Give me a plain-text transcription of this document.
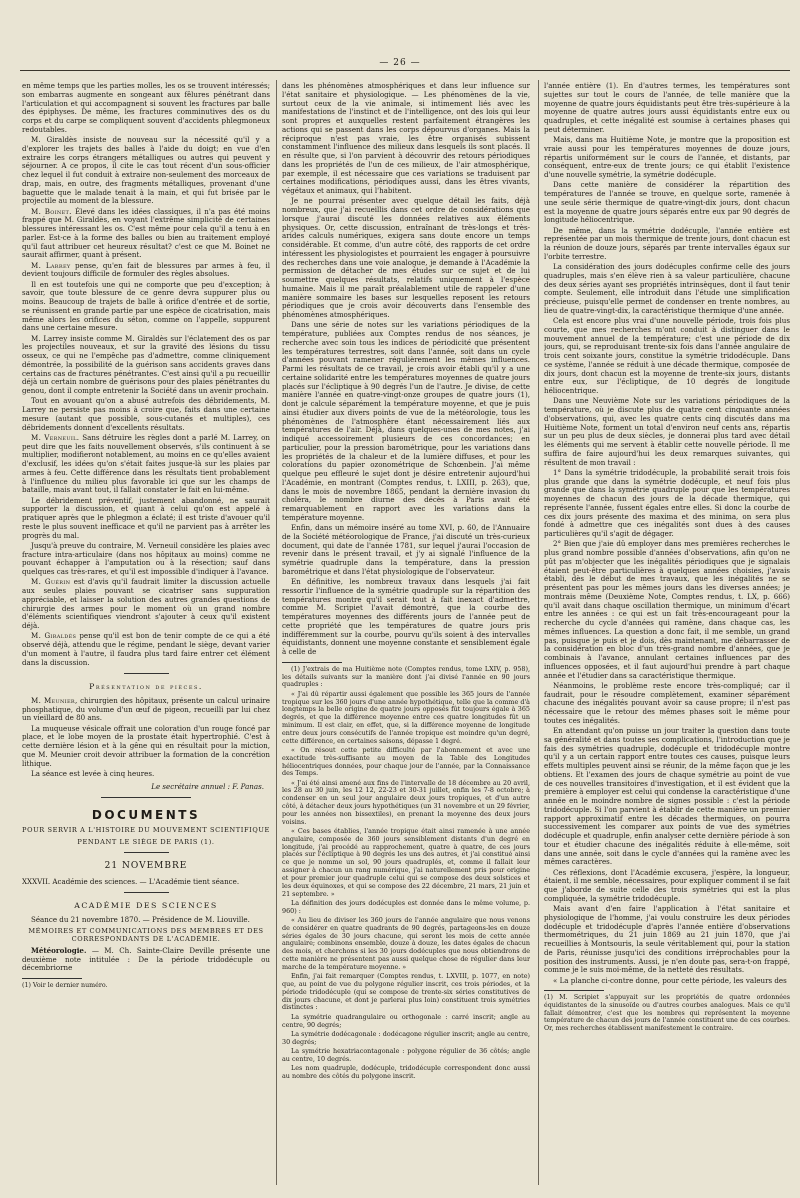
— 26 —

en même temps que les parties molles, les os se trouvent intéressés; son embarras augmente en songeant aux fêlures pénétrant dans l'articulation et qui accompagnent si souvent les fractures par balle des épiphyses. De même, les fractures comminutives des os du corps et du carpe se compliquent souvent d'accidents phlegmoneux redoutables.

M. Giraldès insiste de nouveau sur la nécessité qu'il y a d'explorer les trajets des balles à l'aide du doigt; en vue d'en extraire les corps étrangers métalliques ou autres qui peuvent y séjourner. A ce propos, il cite le cas tout récent d'un sous-officier chez lequel il fut conduit à extraire non-seulement des morceaux de drap, mais, en outre, des fragments métalliques, provenant d'une baguette que le malade tenait à la main, et qui fut brisée par le projectile au moment de la blessure.

M. Boinet. Élevé dans les idées classiques, il n'a pas été moins frappé que M. Giraldès, en voyant l'extrême simplicité de certaines blessures intéressant les os. C'est même pour cela qu'il a tenu à en parler. Est-ce à la forme des balles ou bien au traitement employé qu'il faut attribuer cet heureux résultat? c'est ce que M. Boinet ne saurait affirmer, quant à présent.

M. Larrey pense, qu'en fait de blessures par armes à feu, il devient toujours difficile de formuler des règles absolues.

Il en est toutefois une qui ne comporte que peu d'exception; à savoir, que toute blessure de ce genre devra suppurer plus ou moins. Beaucoup de trajets de balle à orifice d'entrée et de sortie, se réunissent en grande partie par une espèce de cicatrisation, mais même alors les orifices du séton, comme on l'appelle, suppurent dans une certaine mesure.

M. Larrey insiste comme M. Giraldès sur l'éclatement des os par les projectiles nouveaux, et sur la gravité des lésions du tissu osseux, ce qui ne l'empêche pas d'admettre, comme cliniquement démontrée, la possibilité de la guérison sans accidents graves dans certains cas de fractures pénétrantes. C'est ainsi qu'il a pu recueillir déjà un certain nombre de guérisons pour des plaies pénétrantes du genou, dont il compte entretenir la Société dans un avenir prochain.

Tout en avouant qu'on a abusé autrefois des débridements, M. Larrey ne persiste pas moins à croire que, faits dans une certaine mesure (autant que possible, sous-cutanés et multiples), ces débridements donnent d'excellents résultats.

M. Verneuil. Sans détruire les règles dont a parlé M. Larrey, on peut dire que les faits nouvellement observés, s'ils continuent à se multiplier, modifieront notablement, au moins en ce qu'elles avaient d'exclusif, les idées qu'on s'était faites jusque-là sur les plaies par armes à feu. Cette différence dans les résultats tient probablement à l'influence du milieu plus favorable ici que sur les champs de bataille, mais avant tout, il fallait constater le fait en lui-même.

Le débridement préventif, justement abandonné, ne saurait supporter la discussion, et quant à celui qu'on est appelé à pratiquer après que le phlegmon a éclaté; il est triste d'avouer qu'il reste le plus souvent inefficace et qu'il ne parvient pas à arrêter les progrès du mal.

Jusqu'à preuve du contraire, M. Verneuil considère les plaies avec fracture intra-articulaire (dans nos hôpitaux au moins) comme ne pouvant échapper à l'amputation ou à la résection; sauf dans quelques cas très-rares, et qu'il est impossible d'indiquer à l'avance.

M. Guérin est d'avis qu'il faudrait limiter la discussion actuelle aux seules plaies pouvant se cicatriser sans suppuration appréciable, et laisser la solution des autres grandes questions de chirurgie des armes pour le moment où un grand nombre d'éléments scientifiques viendront s'ajouter à ceux qu'il existent déjà.

M. Giraldès pense qu'il est bon de tenir compte de ce qui a été observé déjà, attendu que le régime, pendant le siège, devant varier d'un moment à l'autre, il faudra plus tard faire entrer cet élément dans la discussion.

Présentation de pièces.

M. Meunier, chirurgien des hôpitaux, présente un calcul urinaire phosphatique, du volume d'un œuf de pigeon, recueilli par lui chez un vieillard de 80 ans.

La muqueuse vésicale offrait une coloration d'un rouge foncé par place, et le lobe moyen de la prostate était hypertrophié. C'est à cette dernière lésion et à la gêne qui en résultait pour la miction, que M. Meunier croit devoir attribuer la formation de la concrétion lithique.

La séance est levée à cinq heures.

Le secrétaire annuel : F. Panas.

DOCUMENTS
POUR SERVIR A L'HISTOIRE DU MOUVEMENT SCIENTIFIQUE
PENDANT LE SIÈGE DE PARIS (1).
21 NOVEMBRE

XXXVII. Académie des sciences. — L'Académie tient séance.

ACADÉMIE DES SCIENCES

Séance du 21 novembre 1870. — Présidence de M. Liouville.

MÉMOIRES ET COMMUNICATIONS DES MEMBRES ET DES CORRESPONDANTS DE L'ACADÉMIE.

Météorologie. — M. Ch. Sainte-Claire Deville présente une deuxième note intitulée : De la période tridodécuple ou décembriorne

(1) Voir le dernier numéro.

dans les phénomènes atmosphériques et dans leur influence sur l'état sanitaire et physiologique. — Les phénomènes de la vie, surtout ceux de la vie animale, si intimement liés avec les manifestations de l'instinct et de l'intelligence, ont des lois qui leur sont propres et auxquelles restent parfaitement étrangères les actions qui se passent dans les corps dépourvus d'organes. Mais la réciproque n'est pas vraie, les être organisés subissent constamment l'influence des milieux dans lesquels ils sont placés. Il en résulte que, si l'on parvient à découvrir des retours périodiques dans les propriétés de l'un de ces milieux, de l'air atmosphérique, par exemple, il est nécessaire que ces variations se traduisent par certaines modifications, périodiques aussi, dans les êtres vivants, végétaux et animaux, qui l'habitent.

Je ne pourrai présenter avec quelque détail les faits, déjà nombreux, que j'ai recueillis dans cet ordre de considérations que lorsque j'aurai discuté les données relatives aux éléments physiques. Or, cette discussion, entraînant de très-longs et très-arides calculs numériques, exigera sans doute encore un temps considérable. Et comme, d'un autre côté, des rapports de cet ordre intéressent les physiologistes et pourraient les engager à poursuivre des recherches dans une voie analogue, je demande à l'Académie la permission de détacher de mes études sur ce sujet et de lui soumettre quelques résultats, relatifs uniquement à l'espèce humaine. Mais il me paraît préalablement utile de rappeler d'une manière sommaire les bases sur lesquelles reposent les retours périodiques que je crois avoir découverts dans l'ensemble des phénomènes atmosphériques.

Dans une série de notes sur les variations périodiques de la température, publiées aux Comptes rendus de nos séances, je recherche avec soin tous les indices de périodicité que présentent les températures terrestres, soit dans l'année, soit dans un cycle d'années pouvant ramener régulièrement les mêmes influences. Parmi les résultats de ce travail, je crois avoir établi qu'il y a une certaine solidarité entre les températures moyennes de quatre jours placés sur l'écliptique à 90 degrés l'un de l'autre. Je divise, de cette manière l'année en quatre-vingt-onze groupes de quatre jours (1), dont je calcule séparément la température moyenne, et que je puis ainsi étudier aux divers points de vue de la météorologie, tous les phénomènes de l'atmosphère étant nécessairement liés aux températures de l'air. Déjà, dans quelques-unes de mes notes, j'ai indiqué accessoirement plusieurs de ces concordances; en particulier, pour la pression barométrique, pour les variations dans les propriétés de la chaleur et de la lumière diffuses, et pour les colorations du papier ozonométrique de Schœnbein. J'ai même quelque peu effleuré le sujet dont je désire entretenir aujourd'hui l'Académie, en montrant (Comptes rendus, t. LXIII, p. 263), que, dans le mois de novembre 1865, pendant la dernière invasion du choléra, le nombre diurne des décès à Paris avait été remarquablement en rapport avec les variations dans la température moyenne.

Enfin, dans un mémoire inséré au tome XVI, p. 60, de l'Annuaire de la Société météorologique de France, j'ai discuté un très-curieux document, qui date de l'année 1781, sur lequel j'aurai l'occasion de revenir dans le présent travail, et j'y ai signalé l'influence de la symétrie quadruple dans la température, dans la pression barométrique et dans l'état physiologique de l'observateur.

En définitive, les nombreux travaux dans lesquels j'ai fait ressortir l'influence de la symétrie quadruple sur la répartition des températures montre qu'il serait tout à fait inexact d'admettre, comme M. Scripiet l'avait démontré, que la courbe des températures moyennes des différents jours de l'année peut de cette propriété que les températures de quatre jours pris indifféremment sur la courbe, pourvu qu'ils soient à des intervalles équidistants, donnent une moyenne constante et sensiblement égale à celle de

(1) J'extrais de ma Huitième note (Comptes rendus, tome LXIV, p. 958), les détails suivants sur la manière dont j'ai divisé l'année en 90 jours quadruples :

« J'ai dû répartir aussi également que possible les 365 jours de l'année tropique sur les 360 jours d'une année hypothétique, telle que la comme d'à longtemps la belle origine de quatre jours opposés fût toujours égale à 365 degrés, et que la différence moyenne entre ces quatre longitudes fût un minimum. Il est clair, en effet, que, si la différence moyenne de longitude entre deux jours consécutifs de l'année tropique est moindre qu'un degré, cette différence, en certaines saisons, dépasse 1 degré.

« On résout cette petite difficulté par l'abonnement et avec une exactitude très-suffisante au moyen de la Table des Longitudes héliocentriques données, pour chaque jour de l'année, par la Connaissance des Temps.

« J'ai été ainsi amené aux fins de l'intervalle de 18 décembre au 20 avril, les 28 au 30 juin, les 12 12, 22-23 et 30-31 juillet, enfin les 7-8 octobre; à condenser en un seul jour angulaire deux jours tropiques, et d'un autre côté, à détacher deux jours hypothétiques (un 31 novembre et un 29 février, pour les années non bissextiles), en prenant la moyenne des deux jours voisins.

« Ces bases établies, l'année tropique était ainsi ramenée à une année angulaire, composée de 360 jours sensiblement distants d'un degré en longitude, j'ai procédé au rapprochement, quatre à quatre, de ces jours placés sur l'écliptique à 90 degrés les uns des autres, et j'ai constitué ainsi ce que je nomme un sol, 90 jours quadruplés, et, comme il fallait leur assigner à chacun un rang numérique, j'ai naturellement pris pour origine et pour premier jour quadruple celui qui se compose des deux solstices et les deux équinoxes, et qui se compose des 22 décembre, 21 mars, 21 juin et 21 septembre. »

La définition des jours dodécuples est donnée dans le même volume, p. 960) :

« Au lieu de diviser les 360 jours de l'année angulaire que nous venons de considérer en quatre quadrants de 90 degrés, partageons-les en douze séries égales de 30 jours chacune, qui seront les mois de cette année angulaire; combinons ensemble, douze à douze, les dates égales de chacun des mois, et cherchons si les 30 jours dodécuples que nous obtiendrons de cette manière ne présentent pas aussi quelque chose de régulier dans leur marche de la température moyenne. »

Enfin, j'ai fait remarquer (Comptes rendus, t. LXVIII, p. 1077, en note) que, au point de vue du polygone régulier inscrit, ces trois périodes, et la période tridodécuple (qui se compose de trente-six séries constitutives de dix jours chacune, et dont je parlerai plus loin) constituent trois symétries distinctes :

La symétrie quadrangulaire ou orthogonale : carré inscrit; angle au centre, 90 degrés;

La symétrie dodécagonale : dodécagone régulier inscrit; angle au centre, 30 degrés;

La symétrie hexatriacontagonale : polygone régulier de 36 côtés; angle au centre, 10 degrés.

Les nom quadruple, dodécuple, tridodécuple correspondent donc aussi au nombre des côtés du polygone inscrit.

l'année entière (1). En d'autres termes, les températures sont sujettes sur tout le cours de l'année, de telle manière que la moyenne de quatre jours équidistants peut être très-supérieure à la moyenne de quatre autres jours aussi équidistants entre eux ou quadruples, et cette inégalité est soumise à certaines phases qui peut déterminer.

Mais, dans ma Huitième Note, je montre que la proposition est vraie aussi pour les températures moyennes de douze jours, répartis uniformément sur le cours de l'année, et distants, par conséquent, entre-eux de trente jours; ce qui établit l'existence d'une nouvelle symétrie, la symétrie dodécuple.

Dans cette manière de considérer la répartition des températures de l'année se trouve, en quelque sorte, ramenée à une seule série thermique de quatre-vingt-dix jours, dont chacun est la moyenne de quatre jours séparés entre eux par 90 degrés de longitude héliocentrique.

De même, dans la symétrie dodécuple, l'année entière est représentée par un mois thermique de trente jours, dont chacun est la réunion de douze jours, séparés par trente intervalles égaux sur l'orbite terrestre.

La considération des jours dodécuples confirme celle des jours quadruples, mais s'en élève rien à sa valeur particulière, chacune des deux séries ayant ses propriétés intrinsèques, dont il faut tenir compte. Seulement, elle introduit dans l'étude une simplification précieuse, puisqu'elle permet de condenser en trente nombres, au lieu de quatre-vingt-dix, la caractéristique thermique d'une année.

Cela est encore plus vrai d'une nouvelle période, trois fois plus courte, que mes recherches m'ont conduit à distinguer dans le mouvement annuel de la température; c'est une période de dix jours, qui, se reproduisant trente-six fois dans l'année angulaire de trois cent soixante jours, constitue la symétrie tridodécuple. Dans ce système, l'année se réduit à une décade thermique, composée de dix jours, dont chacun est la moyenne de trente-six jours, distants entre eux, sur l'écliptique, de 10 degrés de longitude héliocentrique.

Dans une Neuvième Note sur les variations périodiques de la température, où je discute plus de quatre cent cinquante années d'observations, qui, avec les quatre cents cinq discutés dans ma Huitième Note, forment un total d'environ neuf cents ans, répartis sur un peu plus de deux siècles, je donnerai plus tard avec détail les éléments qui me servent à établir cette nouvelle période. Il me suffira de faire aujourd'hui les deux remarques suivantes, qui résultent de mon travail :

1° Dans la symétrie tridodécuple, la probabilité serait trois fois plus grande que dans la symétrie dodécuple, et neuf fois plus grande que dans la symétrie quadruple pour que les températures moyennes de chacun des jours de la décade thermique, qui représente l'année, fussent égales entre elles. Si donc la courbe de ces dix jours présente des maxima et des minima, on sera plus fondé à admettre que ces inégalités sont dues à des causes particulières qu'il s'agit de dégager.

2° Bien que j'aie dû employer dans mes premières recherches le plus grand nombre possible d'années d'observations, afin qu'on ne pût pas m'objecter que les inégalités périodiques que je signalais étaient peut-être particulières à quelques années choisies, j'avais établi, dès le début de mes travaux, que les inégalités ne se présentent pas pour les mêmes jours dans les diverses années; je montrais même (Deuxième Note, Comptes rendus, t. LX, p. 666) qu'il avait dans chaque oscillation thermique, un minimum d'écart entre les années : ce qui est un fait très-encourageant pour la recherche du cycle d'années qui ramène, dans chaque cas, les mêmes influences. La question a donc fait, il me semble, un grand pas, puisque je puis et je dois, dès maintenant, me débarrasser de la considération en bloc d'un très-grand nombre d'années, que je combinais à l'avance, annulant certaines influences par des influences opposées, et il faut aujourd'hui prendre à part chaque année et l'étudier dans sa caractéristique thermique.

Néanmoins, le problème reste encore très-compliqué; car il faudrait, pour le résoudre complètement, examiner séparément chacune des inégalités pouvant avoir sa cause propre; il n'est pas nécessaire que le retour des mêmes phases soit le même pour toutes ces inégalités.

En attendant qu'on puisse un jour traiter la question dans toute sa généralité et dans toutes ses complications, l'introduction que je fais des symétries quadruple, dodécuple et tridodécuple montre qu'il y a un certain rapport entre toutes ces causes, puisque leurs effets multiples peuvent ainsi se réunir, de la même façon que je les obtiens. Et l'examen des jours de chaque symétrie au point de vue de ces nouvelles transitoires d'investigation, et il est évident que la première à employer est celui qui condense la caractéristique d'une année en le moindre nombre de signes possible : c'est la période tridodécuple. Si l'on parvient à établir de cette manière un premier rapport approximatif entre les décades thermiques, on pourra successivement les comparer aux points de vue des symétries dodécuple et quadruple, enfin analyser cette dernière période à son tour et étudier chacune des inégalités réduite à elle-même, soit dans une année, soit dans le cycle d'années qui la ramène avec les mêmes caractères.

Ces réflexions, dont l'Académie excusera, j'espère, la longueur, étaient, il me semble, nécessaires, pour expliquer comment il se fait que j'aborde de suite celle des trois symétries qui est la plus compliquée, la symétrie tridodécuple.

Mais avant d'en faire l'application à l'état sanitaire et physiologique de l'homme, j'ai voulu construire les deux périodes dodécuple et tridodécuple d'après l'année entière d'observations thermométriques, du 21 juin 1869 au 21 juin 1870, que j'ai recueillies à Montsouris, la seule véritablement qui, pour la station de Paris, réunisse jusqu'ici des conditions irréprochables pour la position des instruments. Aussi, je n'en doute pas, sera-t-on frappé, comme je le suis moi-même, de la netteté des résultats.

« La planche ci-contre donne, pour cette période, les valeurs des

(1) M. Scripiet s'appuyait sur les propriétés de quatre ordonnées équidistantes de la sinusoïde ou d'autres courbes analogues. Mais ce qu'il fallait démontrer, c'est que les nombres qui représentent la moyenne température de chacun des jours de l'année constituent une de ces courbes. Or, mes recherches établissent manifestement le contraire.
